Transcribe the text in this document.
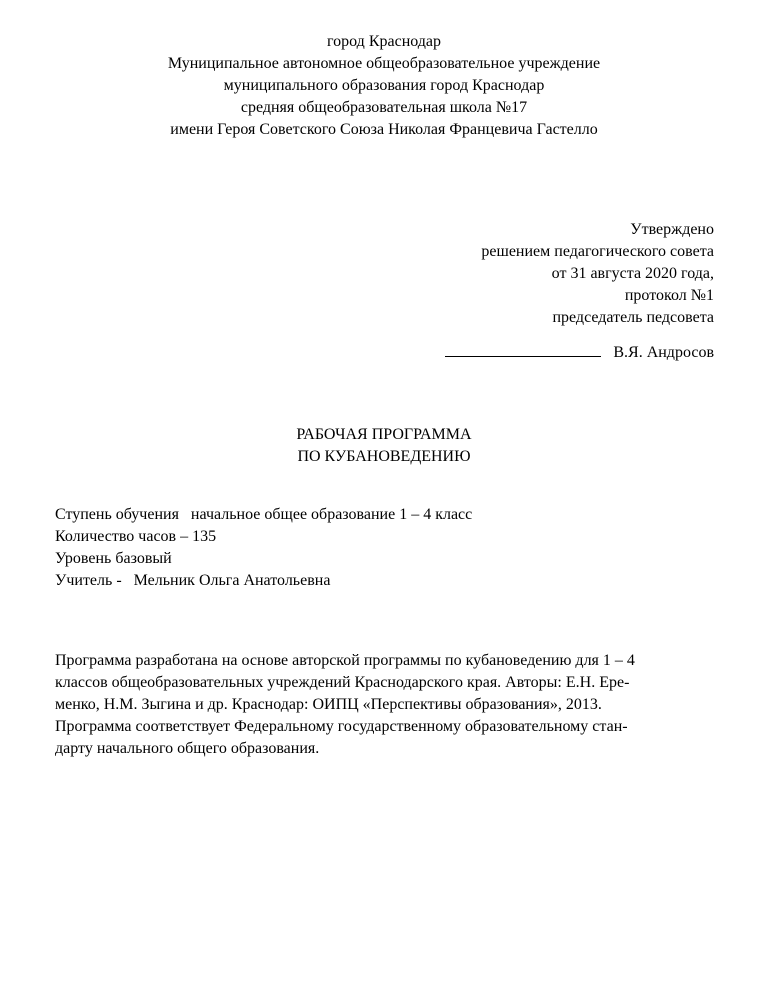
город Краснодар
Муниципальное автономное общеобразовательное учреждение
муниципального образования город Краснодар
средняя общеобразовательная школа №17
имени Героя Советского Союза Николая Францевича Гастелло
Утверждено
решением педагогического совета
от 31 августа 2020 года,
протокол №1
председатель педсовета
В.Я. Андросов
РАБОЧАЯ ПРОГРАММА
ПО КУБАНОВЕДЕНИЮ
Ступень обучения   начальное общее образование 1 – 4 класс
Количество часов – 135
Уровень базовый
Учитель -   Мельник Ольга Анатольевна
Программа разработана на основе авторской программы по кубановедению для 1 – 4
классов общеобразовательных учреждений Краснодарского края. Авторы: Е.Н. Ере-
менко, Н.М. Зыгина и др. Краснодар: ОИПЦ «Перспективы образования», 2013.
Программа соответствует Федеральному государственному образовательному стан-
дарту начального общего образования.
